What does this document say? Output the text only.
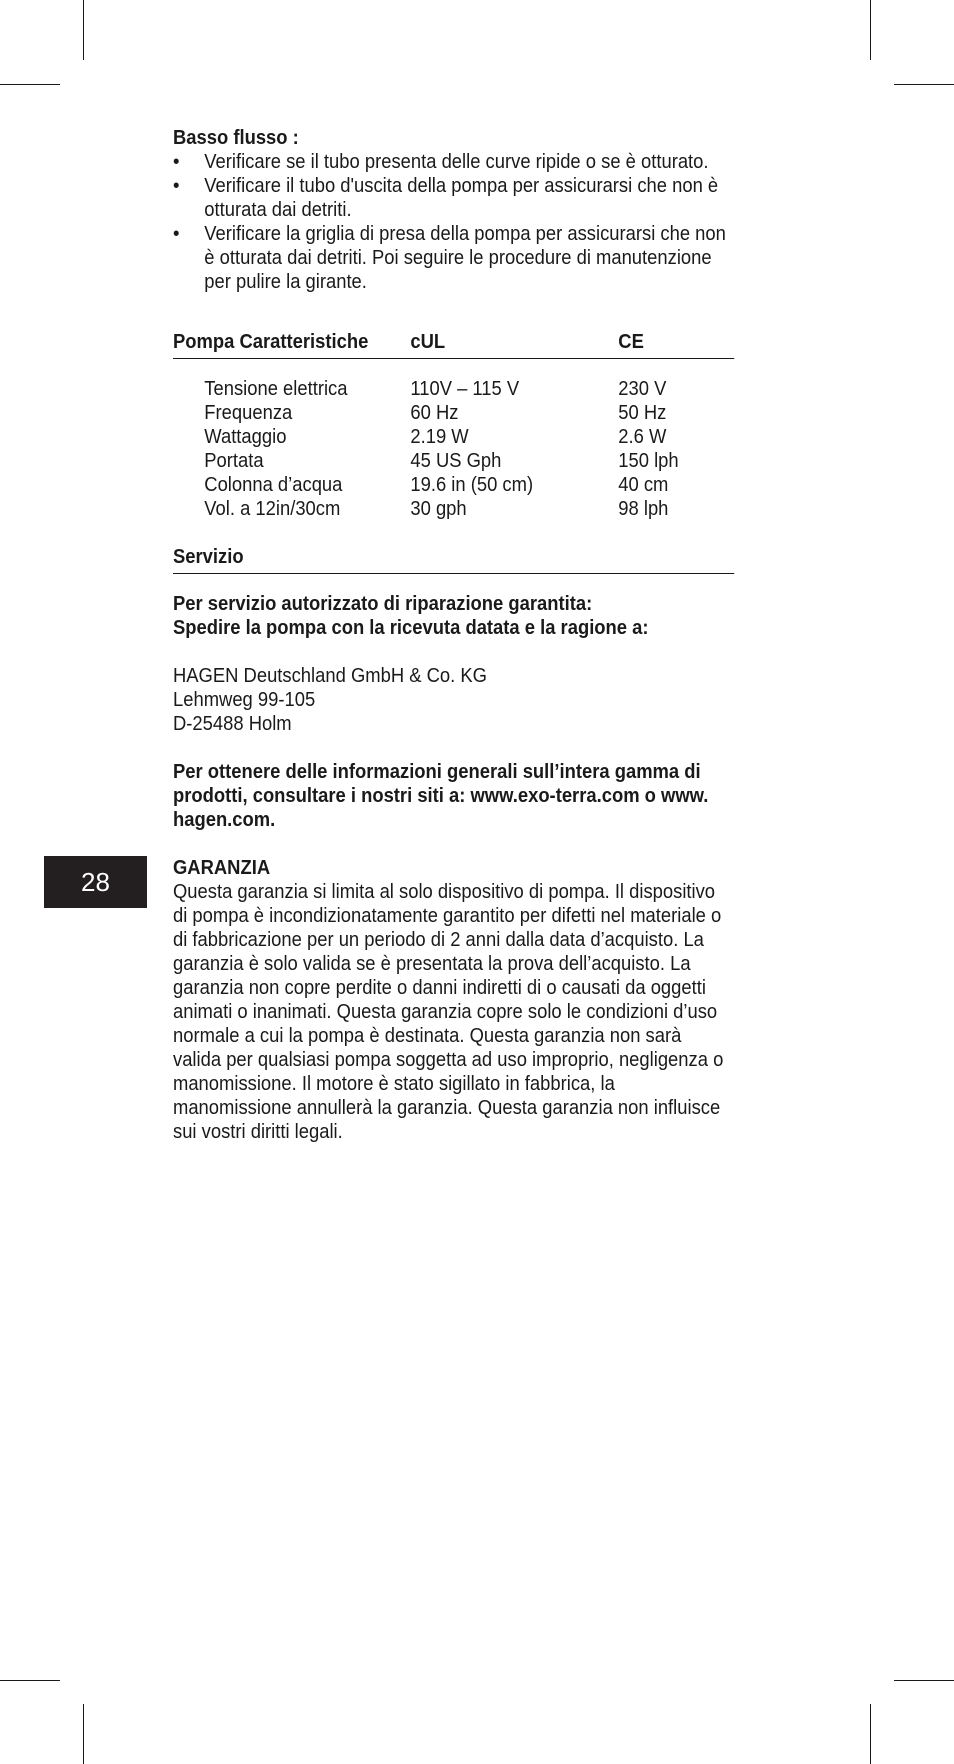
28

Basso flusso :

• Verificare se il tubo presenta delle curve ripide o se è otturato.
• Verificare il tubo d'uscita della pompa per assicurarsi che non è otturata dai detriti.
• Verificare la griglia di presa della pompa per assicurarsi che non è otturata dai detriti. Poi seguire le procedure di manutenzione per pulire la girante.
Pompa Caratteristiche	cUL	CE
Tensione elettrica	110V – 115 V	230 V
Frequenza	60 Hz	50 Hz
Wattaggio	2.19 W	2.6 W
Portata	45 US Gph	150 lph
Colonna d’acqua	19.6 in (50 cm)	40 cm
Vol. a 12in/30cm	30 gph	98 lph
Servizio

Per servizio autorizzato di riparazione garantita:

Spedire la pompa con la ricevuta datata e la ragione a:

HAGEN Deutschland GmbH & Co. KG

Lehmweg 99-105

D-25488 Holm

Per ottenere delle informazioni generali sull’intera gamma di prodotti, consultare i nostri siti a: www.exo-terra.com o www. hagen.com.

GARANZIA

Questa garanzia si limita al solo dispositivo di pompa. Il dispositivo di pompa è incondizionatamente garantito per difetti nel materiale o di fabbricazione per un periodo di 2 anni dalla data d’acquisto. La garanzia è solo valida se è presentata la prova dell’acquisto. La garanzia non copre perdite o danni indiretti di o causati da oggetti animati o inanimati. Questa garanzia copre solo le condizioni d’uso normale a cui la pompa è destinata. Questa garanzia non sarà valida per qualsiasi pompa soggetta ad uso improprio, negligenza o manomissione. Il motore è stato sigillato in fabbrica, la manomissione annullerà la garanzia. Questa garanzia non influisce sui vostri diritti legali.
